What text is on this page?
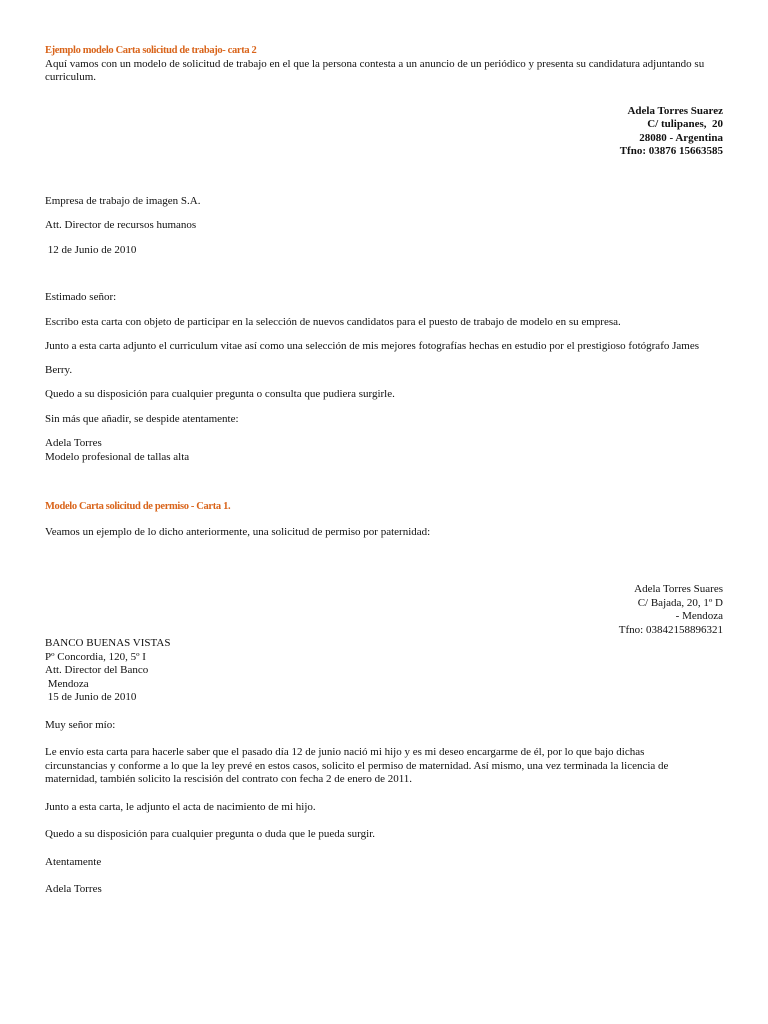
Ejemplo modelo Carta solicitud de trabajo- carta 2

Aquí vamos con un modelo de solicitud de trabajo en el que la persona contesta a un anuncio de un periódico y presenta su candidatura adjuntando su curriculum.

Adela Torres Suarez
C/ tulipanes,  20
28080 - Argentina
Tfno: 03876 15663585

Empresa de trabajo de imagen S.A.

Att. Director de recursos humanos

12 de Junio de 2010

Estimado señor:

Escribo esta carta con objeto de participar en la selección de nuevos candidatos para el puesto de trabajo de modelo en su empresa.

Junto a esta carta adjunto el curriculum vitae así como una selección de mis mejores fotografías hechas en estudio por el prestigioso fotógrafo James

Berry.

Quedo a su disposición para cualquier pregunta o consulta que pudiera surgirle.

Sin más que añadir, se despide atentamente:

Adela Torres

Modelo profesional de tallas alta

Modelo Carta solicitud de permiso - Carta 1.

Veamos un ejemplo de lo dicho anteriormente, una solicitud de permiso por paternidad:

Adela Torres Suares
C/ Bajada, 20, 1º D
- Mendoza
Tfno: 03842158896321
BANCO BUENAS VISTAS
Pº Concordia, 120, 5º I
Att. Director del Banco
Mendoza
15 de Junio de 2010

Muy señor mío:

Le envío esta carta para hacerle saber que el pasado día 12 de junio nació mi hijo y es mi deseo encargarme de él, por lo que bajo dichas
circunstancias y conforme a lo que la ley prevé en estos casos, solicito el permiso de maternidad. Así mismo, una vez terminada la licencia de
maternidad, también solicito la rescisión del contrato con fecha 2 de enero de 2011.

Junto a esta carta, le adjunto el acta de nacimiento de mi hijo.

Quedo a su disposición para cualquier pregunta o duda que le pueda surgir.

Atentamente

Adela Torres
